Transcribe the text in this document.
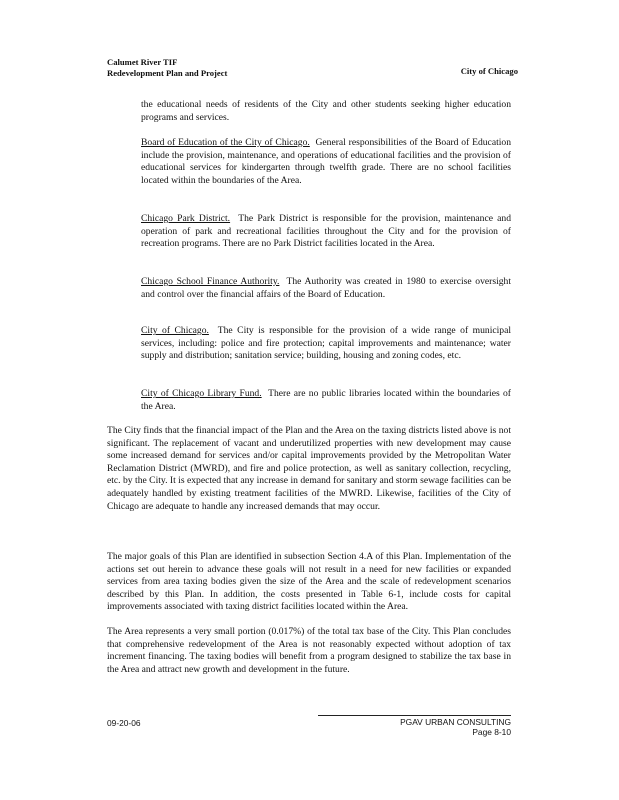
Calumet River TIF
Redevelopment Plan and Project	City of Chicago
the educational needs of residents of the City and other students seeking higher education programs and services.
Board of Education of the City of Chicago. General responsibilities of the Board of Education include the provision, maintenance, and operations of educational facilities and the provision of educational services for kindergarten through twelfth grade. There are no school facilities located within the boundaries of the Area.
Chicago Park District. The Park District is responsible for the provision, maintenance and operation of park and recreational facilities throughout the City and for the provision of recreation programs. There are no Park District facilities located in the Area.
Chicago School Finance Authority. The Authority was created in 1980 to exercise oversight and control over the financial affairs of the Board of Education.
City of Chicago. The City is responsible for the provision of a wide range of municipal services, including: police and fire protection; capital improvements and maintenance; water supply and distribution; sanitation service; building, housing and zoning codes, etc.
City of Chicago Library Fund. There are no public libraries located within the boundaries of the Area.
The City finds that the financial impact of the Plan and the Area on the taxing districts listed above is not significant. The replacement of vacant and underutilized properties with new development may cause some increased demand for services and/or capital improvements provided by the Metropolitan Water Reclamation District (MWRD), and fire and police protection, as well as sanitary collection, recycling, etc. by the City. It is expected that any increase in demand for sanitary and storm sewage facilities can be adequately handled by existing treatment facilities of the MWRD. Likewise, facilities of the City of Chicago are adequate to handle any increased demands that may occur.
The major goals of this Plan are identified in subsection Section 4.A of this Plan. Implementation of the actions set out herein to advance these goals will not result in a need for new facilities or expanded services from area taxing bodies given the size of the Area and the scale of redevelopment scenarios described by this Plan. In addition, the costs presented in Table 6-1, include costs for capital improvements associated with taxing district facilities located within the Area.
The Area represents a very small portion (0.017%) of the total tax base of the City. This Plan concludes that comprehensive redevelopment of the Area is not reasonably expected without adoption of tax increment financing. The taxing bodies will benefit from a program designed to stabilize the tax base in the Area and attract new growth and development in the future.
09-20-06	PGAV URBAN CONSULTING
Page 8-10
